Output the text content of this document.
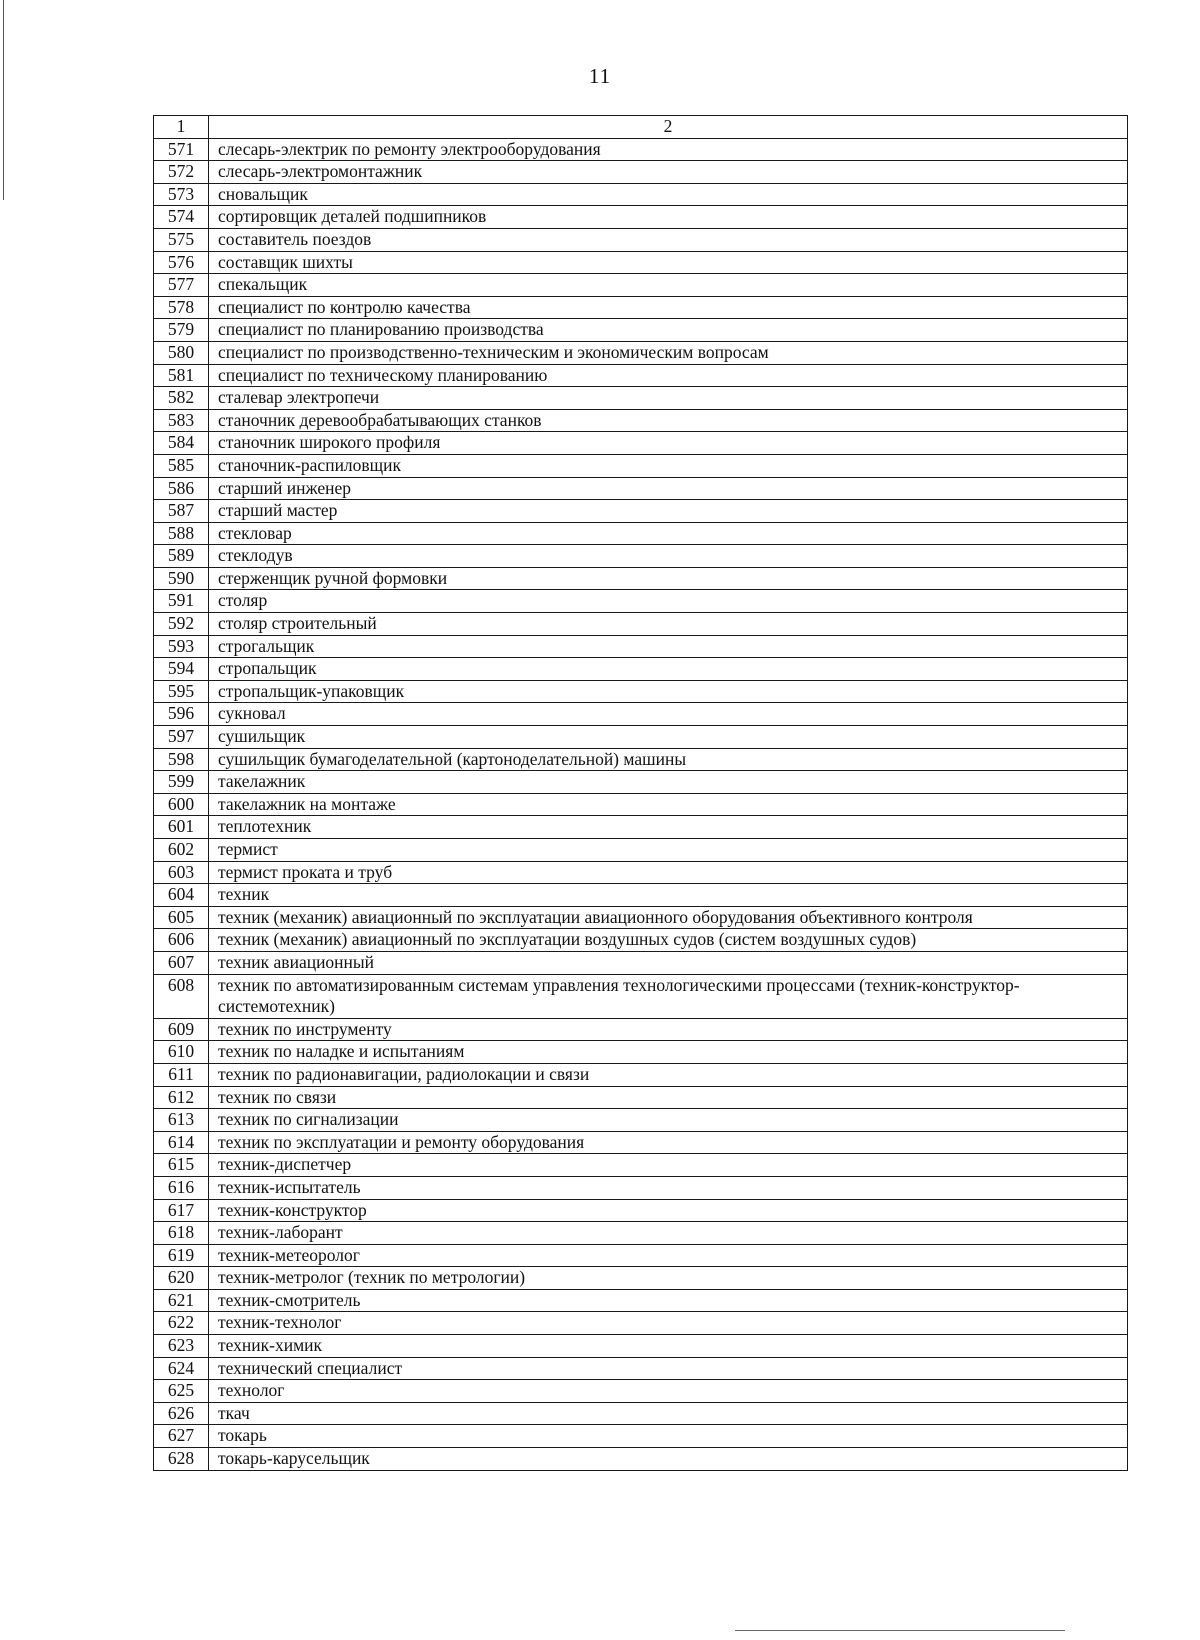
11
1	2
571	слесарь-электрик по ремонту электрооборудования
572	слесарь-электромонтажник
573	сновальщик
574	сортировщик деталей подшипников
575	составитель поездов
576	составщик шихты
577	спекальщик
578	специалист по контролю качества
579	специалист по планированию производства
580	специалист по производственно-техническим и экономическим вопросам
581	специалист по техническому планированию
582	сталевар электропечи
583	станочник деревообрабатывающих станков
584	станочник широкого профиля
585	станочник-распиловщик
586	старший инженер
587	старший мастер
588	стекловар
589	стеклодув
590	стерженщик ручной формовки
591	столяр
592	столяр строительный
593	строгальщик
594	стропальщик
595	стропальщик-упаковщик
596	сукновал
597	сушильщик
598	сушильщик бумагоделательной (картоноделательной) машины
599	такелажник
600	такелажник на монтаже
601	теплотехник
602	термист
603	термист проката и труб
604	техник
605	техник (механик) авиационный по эксплуатации авиационного оборудования объективного контроля
606	техник (механик) авиационный по эксплуатации воздушных судов (систем воздушных судов)
607	техник авиационный
608	техник по автоматизированным системам управления технологическими процессами (техник-конструктор-системотехник)
609	техник по инструменту
610	техник по наладке и испытаниям
611	техник по радионавигации, радиолокации и связи
612	техник по связи
613	техник по сигнализации
614	техник по эксплуатации и ремонту оборудования
615	техник-диспетчер
616	техник-испытатель
617	техник-конструктор
618	техник-лаборант
619	техник-метеоролог
620	техник-метролог (техник по метрологии)
621	техник-смотритель
622	техник-технолог
623	техник-химик
624	технический специалист
625	технолог
626	ткач
627	токарь
628	токарь-карусельщик
